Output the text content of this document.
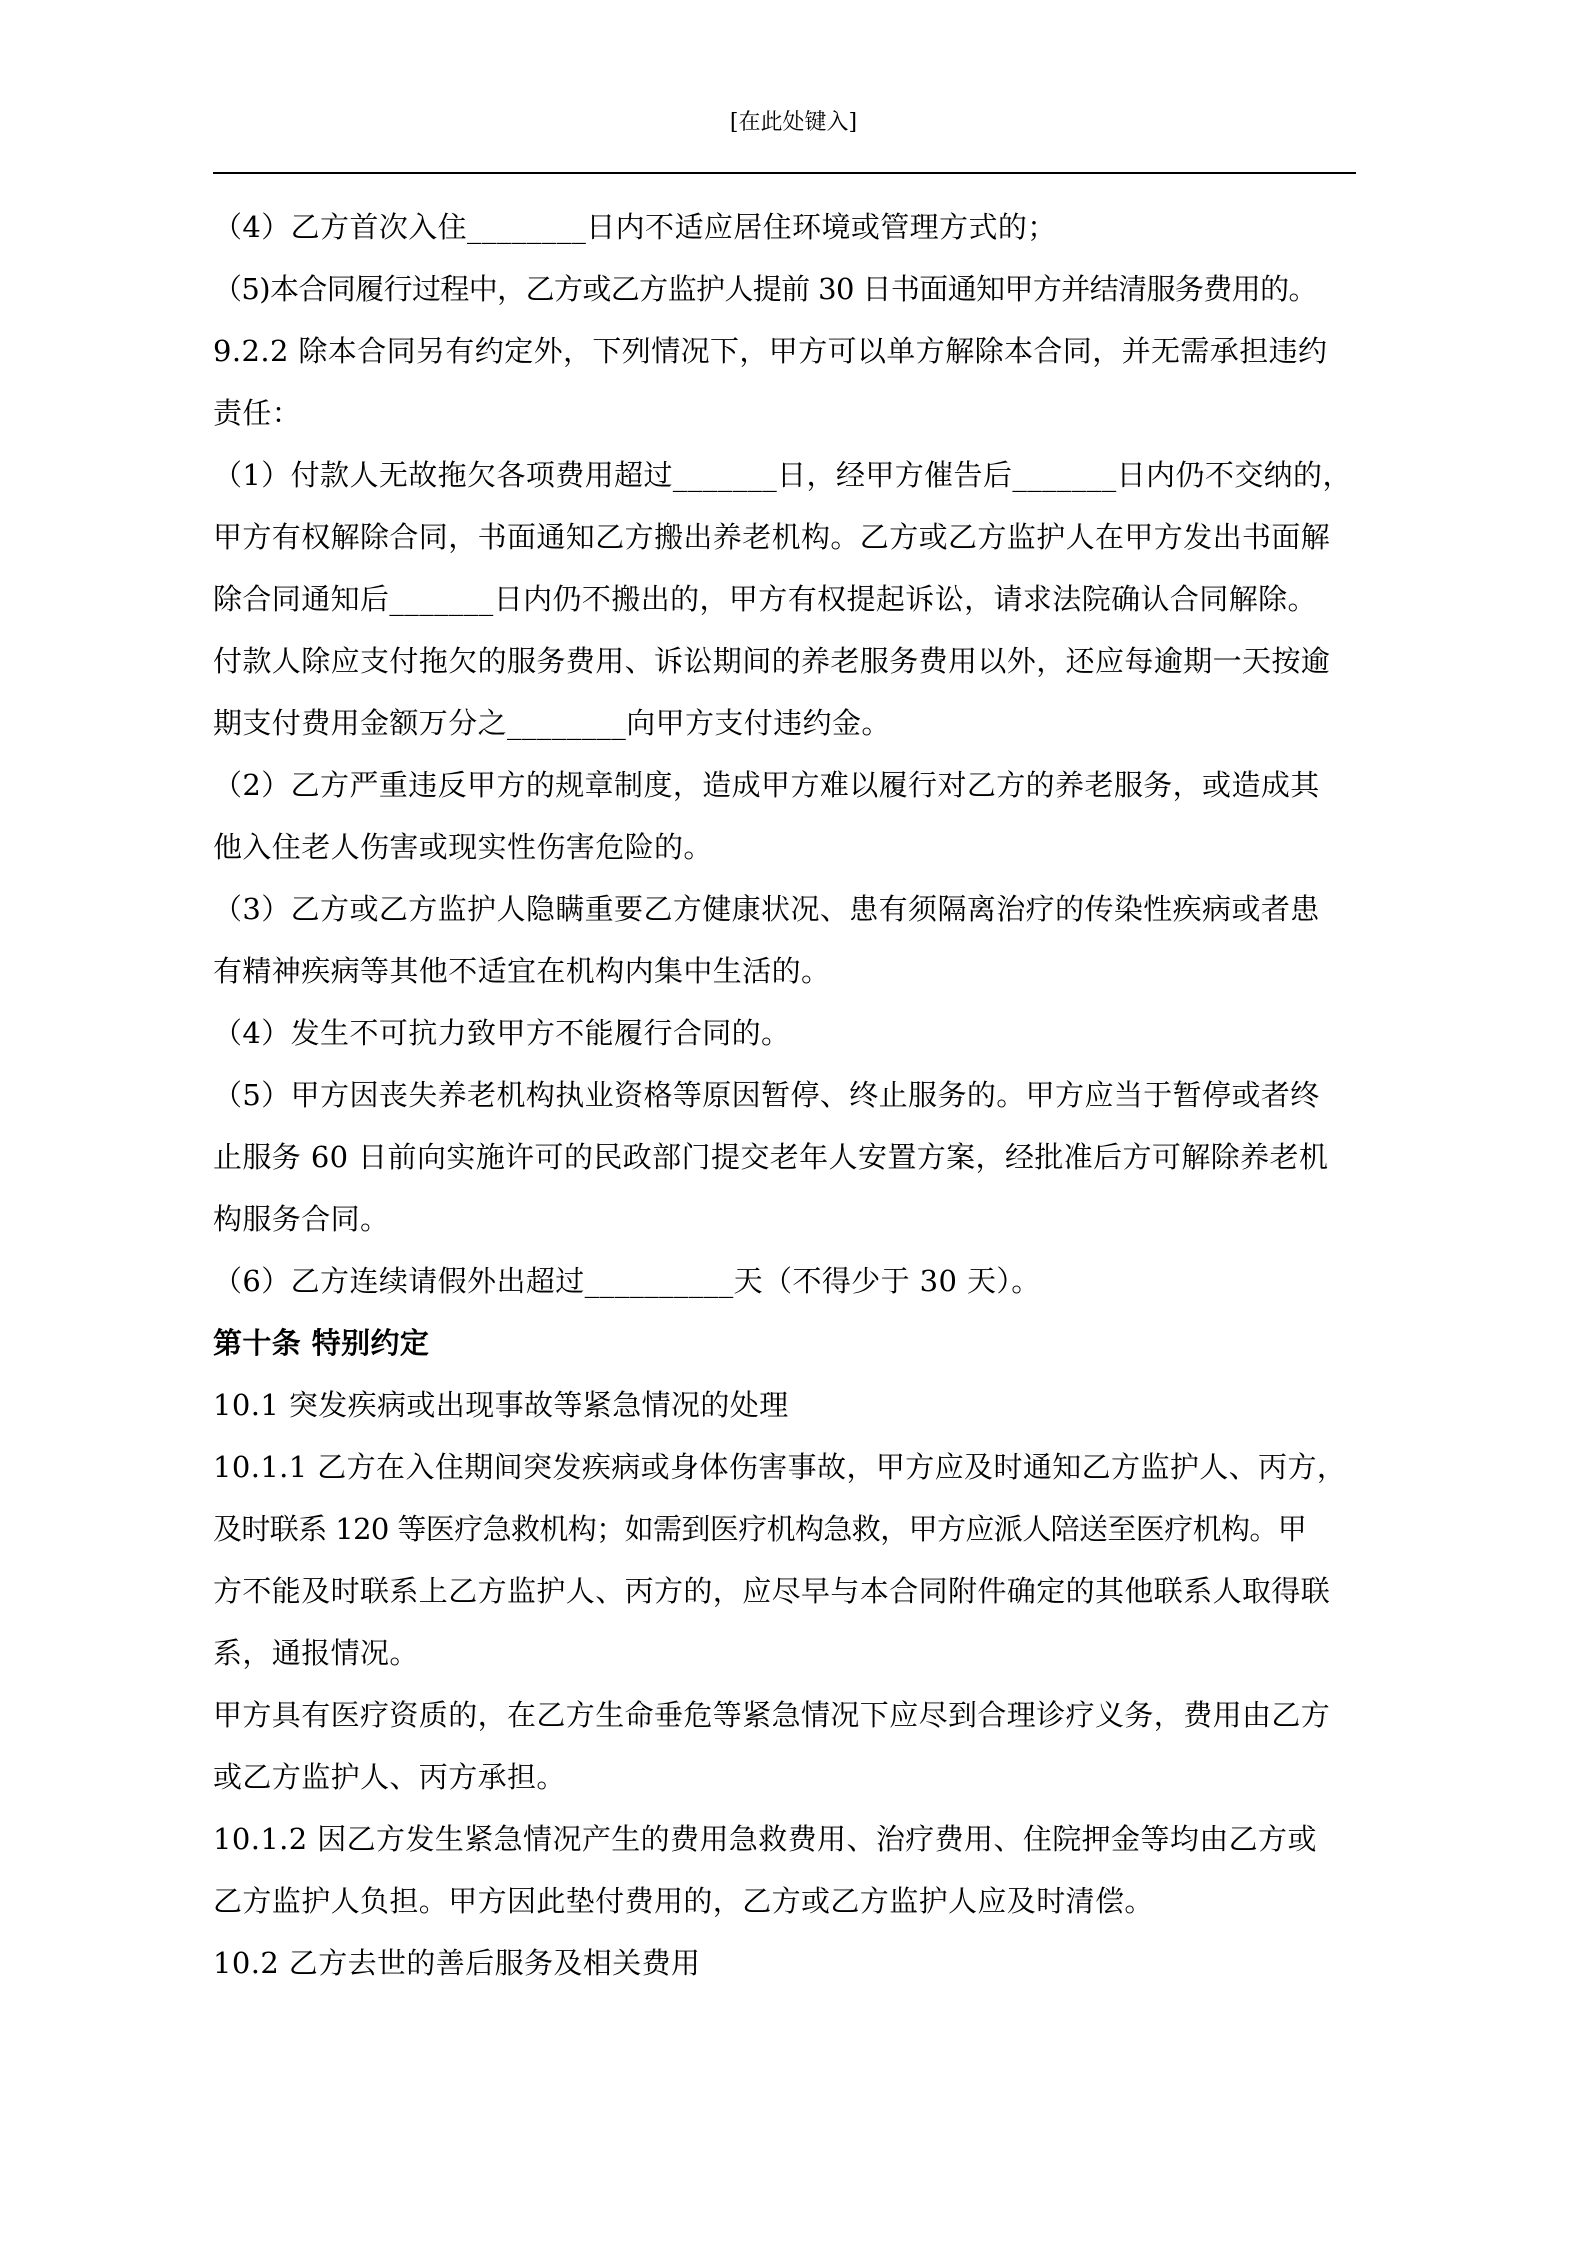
[在此处键入]
（4）乙方首次入住________日内不适应居住环境或管理方式的；
（5)本合同履行过程中，乙方或乙方监护人提前 30 日书面通知甲方并结清服务费用的。
9.2.2 除本合同另有约定外，下列情况下，甲方可以单方解除本合同，并无需承担违约
责任：
（1）付款人无故拖欠各项费用超过_______日，经甲方催告后_______日内仍不交纳的，
甲方有权解除合同，书面通知乙方搬出养老机构。乙方或乙方监护人在甲方发出书面解
除合同通知后_______日内仍不搬出的，甲方有权提起诉讼，请求法院确认合同解除。
付款人除应支付拖欠的服务费用、诉讼期间的养老服务费用以外，还应每逾期一天按逾
期支付费用金额万分之________向甲方支付违约金。
（2）乙方严重违反甲方的规章制度，造成甲方难以履行对乙方的养老服务，或造成其
他入住老人伤害或现实性伤害危险的。
（3）乙方或乙方监护人隐瞒重要乙方健康状况、患有须隔离治疗的传染性疾病或者患
有精神疾病等其他不适宜在机构内集中生活的。
（4）发生不可抗力致甲方不能履行合同的。
（5）甲方因丧失养老机构执业资格等原因暂停、终止服务的。甲方应当于暂停或者终
止服务 60 日前向实施许可的民政部门提交老年人安置方案，经批准后方可解除养老机
构服务合同。
（6）乙方连续请假外出超过__________天（不得少于 30 天）。
第十条 特别约定
10.1 突发疾病或出现事故等紧急情况的处理
10.1.1 乙方在入住期间突发疾病或身体伤害事故，甲方应及时通知乙方监护人、丙方，
及时联系 120 等医疗急救机构；如需到医疗机构急救，甲方应派人陪送至医疗机构。甲
方不能及时联系上乙方监护人、丙方的，应尽早与本合同附件确定的其他联系人取得联
系，通报情况。
甲方具有医疗资质的，在乙方生命垂危等紧急情况下应尽到合理诊疗义务，费用由乙方
或乙方监护人、丙方承担。
10.1.2 因乙方发生紧急情况产生的费用急救费用、治疗费用、住院押金等均由乙方或
乙方监护人负担。甲方因此垫付费用的，乙方或乙方监护人应及时清偿。
10.2 乙方去世的善后服务及相关费用
